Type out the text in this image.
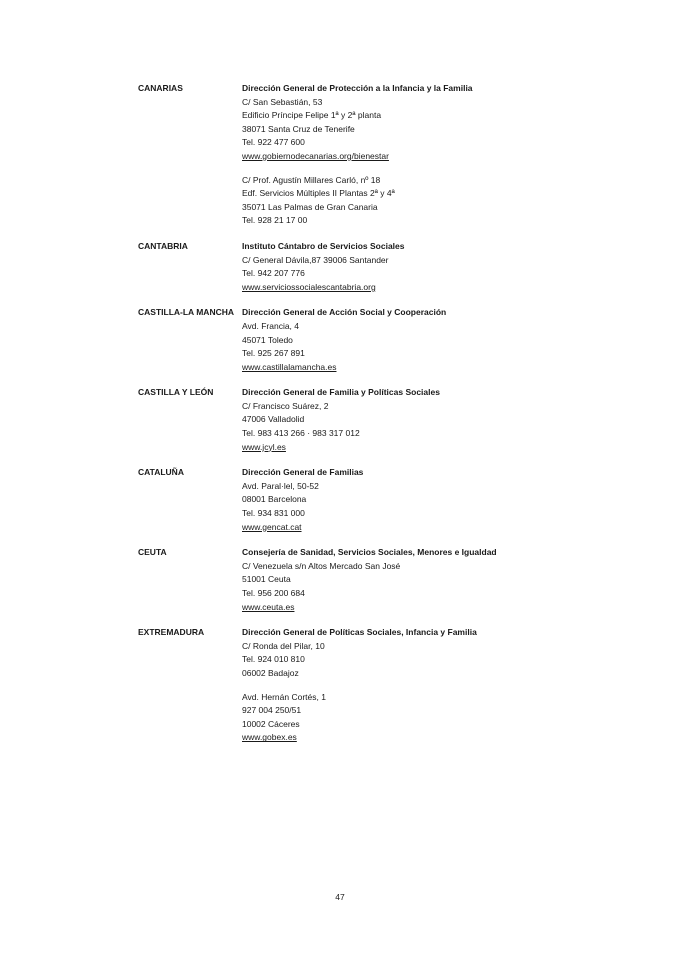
CANARIAS	Dirección General de Protección a la Infancia y la Familia
C/ San Sebastián, 53
Edificio Príncipe Felipe 1ª y 2ª planta
38071 Santa Cruz de Tenerife
Tel. 922 477 600
www.gobiernodecanarias.org/bienestar
C/ Prof. Agustín Millares Carló, nº 18
Edf. Servicios Múltiples II Plantas 2ª y 4ª
35071 Las Palmas de Gran Canaria
Tel. 928 21 17 00
CANTABRIA	Instituto Cántabro de Servicios Sociales
C/ General Dávila,87 39006 Santander
Tel. 942 207 776
www.serviciossocialescantabria.org
CASTILLA-LA MANCHA Dirección General de Acción Social y Cooperación
Avd. Francia, 4
45071 Toledo
Tel. 925 267 891
www.castillalamancha.es
CASTILLA Y LEÓN	Dirección General de Familia y Políticas Sociales
C/ Francisco Suárez, 2
47006 Valladolid
Tel. 983 413 266 · 983 317 012
www.jcyl.es
CATALUÑA	Dirección General de Familias
Avd. Paral·lel, 50-52
08001 Barcelona
Tel. 934 831 000
www.gencat.cat
CEUTA	Consejería de Sanidad, Servicios Sociales, Menores e Igualdad
C/ Venezuela s/n Altos Mercado San José
51001 Ceuta
Tel. 956 200 684
www.ceuta.es
EXTREMADURA	Dirección General de Políticas Sociales, Infancia y Familia
C/ Ronda del Pilar, 10
Tel. 924 010 810
06002 Badajoz
Avd. Hernán Cortés, 1
927 004 250/51
10002 Cáceres
www.gobex.es
47
